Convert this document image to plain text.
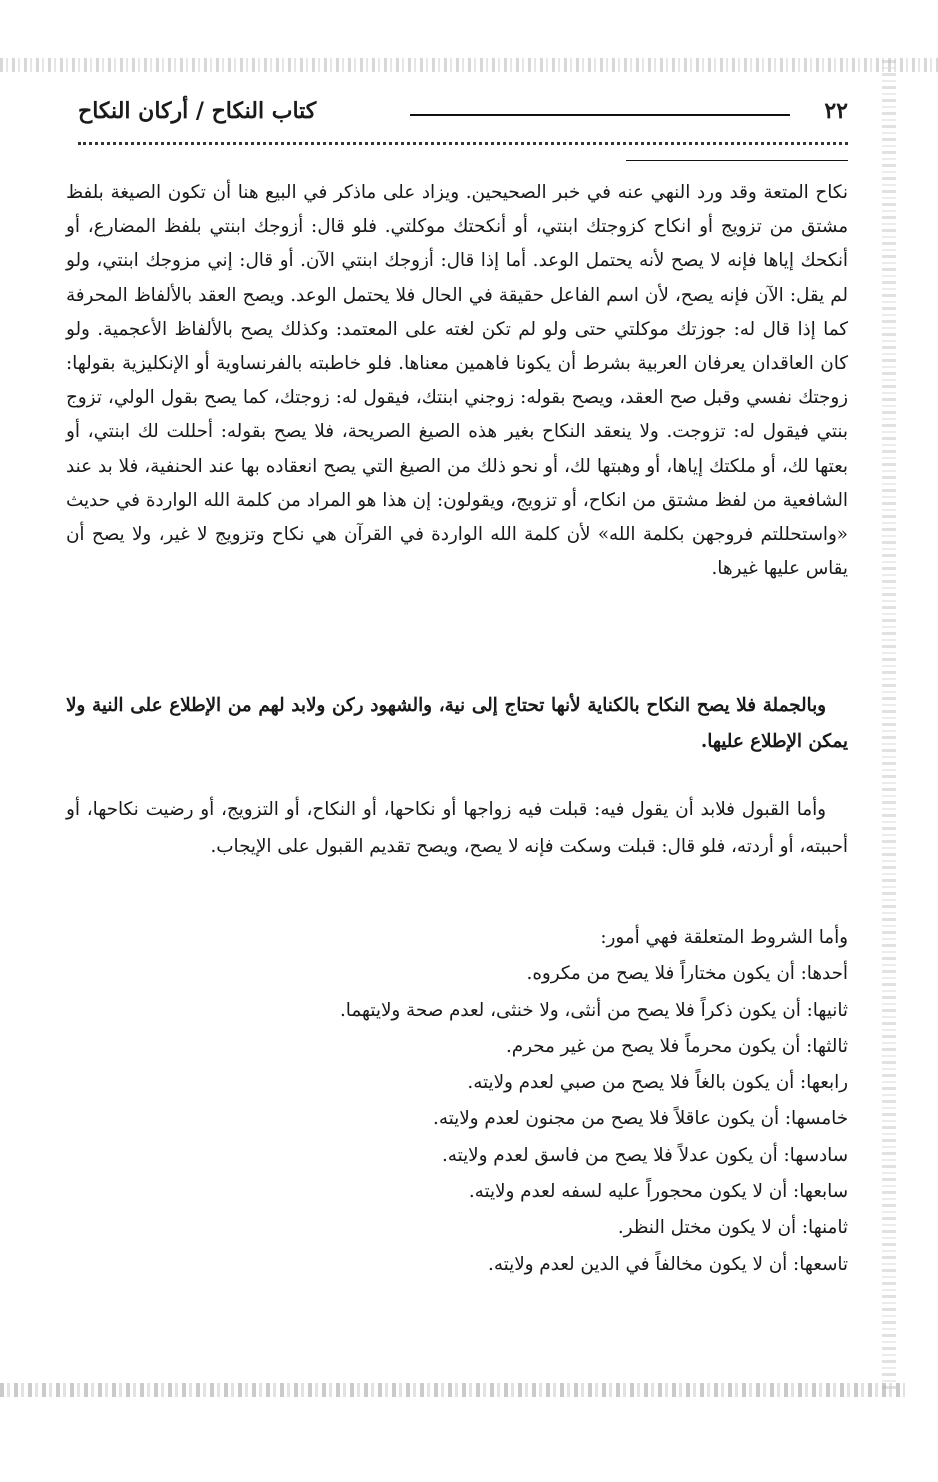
٢٢
كتاب النكاح / أركان النكاح

نكاح المتعة وقد ورد النهي عنه في خبر الصحيحين. ويزاد على ماذكر في البيع هنا أن تكون الصيغة بلفظ مشتق من تزويج أو انكاح كزوجتك ابنتي، أو أنكحتك موكلتي. فلو قال: أزوجك ابنتي بلفظ المضارع، أو أنكحك إياها فإنه لا يصح لأنه يحتمل الوعد. أما إذا قال: أزوجك ابنتي الآن. أو قال: إني مزوجك ابنتي، ولو لم يقل: الآن فإنه يصح، لأن اسم الفاعل حقيقة في الحال فلا يحتمل الوعد. ويصح العقد بالألفاظ المحرفة كما إذا قال له: جوزتك موكلتي حتى ولو لم تكن لغته على المعتمد: وكذلك يصح بالألفاظ الأعجمية. ولو كان العاقدان يعرفان العربية بشرط أن يكونا فاهمين معناها. فلو خاطبته بالفرنساوية أو الإنكليزية بقولها: زوجتك نفسي وقبل صح العقد، ويصح بقوله: زوجني ابنتك، فيقول له: زوجتك، كما يصح بقول الولي، تزوج بنتي فيقول له: تزوجت. ولا ينعقد النكاح بغير هذه الصيغ الصريحة، فلا يصح بقوله: أحللت لك ابنتي، أو بعتها لك، أو ملكتك إياها، أو وهبتها لك، أو نحو ذلك من الصيغ التي يصح انعقاده بها عند الحنفية، فلا بد عند الشافعية من لفظ مشتق من انكاح، أو تزويج، ويقولون: إن هذا هو المراد من كلمة الله الواردة في حديث «واستحللتم فروجهن بكلمة الله» لأن كلمة الله الواردة في القرآن هي نكاح وتزويج لا غير، ولا يصح أن يقاس عليها غيرها.

وبالجملة فلا يصح النكاح بالكناية لأنها تحتاج إلى نية، والشهود ركن ولابد لهم من الإطلاع على النية ولا يمكن الإطلاع عليها.

وأما القبول فلابد أن يقول فيه: قبلت فيه زواجها أو نكاحها، أو النكاح، أو التزويج، أو رضيت نكاحها، أو أحببته، أو أردته، فلو قال: قبلت وسكت فإنه لا يصح، ويصح تقديم القبول على الإيجاب.

وأما الشروط المتعلقة فهي أمور:
أحدها: أن يكون مختاراً فلا يصح من مكروه.
ثانيها: أن يكون ذكراً فلا يصح من أنثى، ولا خنثى، لعدم صحة ولايتهما.
ثالثها: أن يكون محرماً فلا يصح من غير محرم.
رابعها: أن يكون بالغاً فلا يصح من صبي لعدم ولايته.
خامسها: أن يكون عاقلاً فلا يصح من مجنون لعدم ولايته.
سادسها: أن يكون عدلاً فلا يصح من فاسق لعدم ولايته.
سابعها: أن لا يكون محجوراً عليه لسفه لعدم ولايته.
ثامنها: أن لا يكون مختل النظر.
تاسعها: أن لا يكون مخالفاً في الدين لعدم ولايته.
